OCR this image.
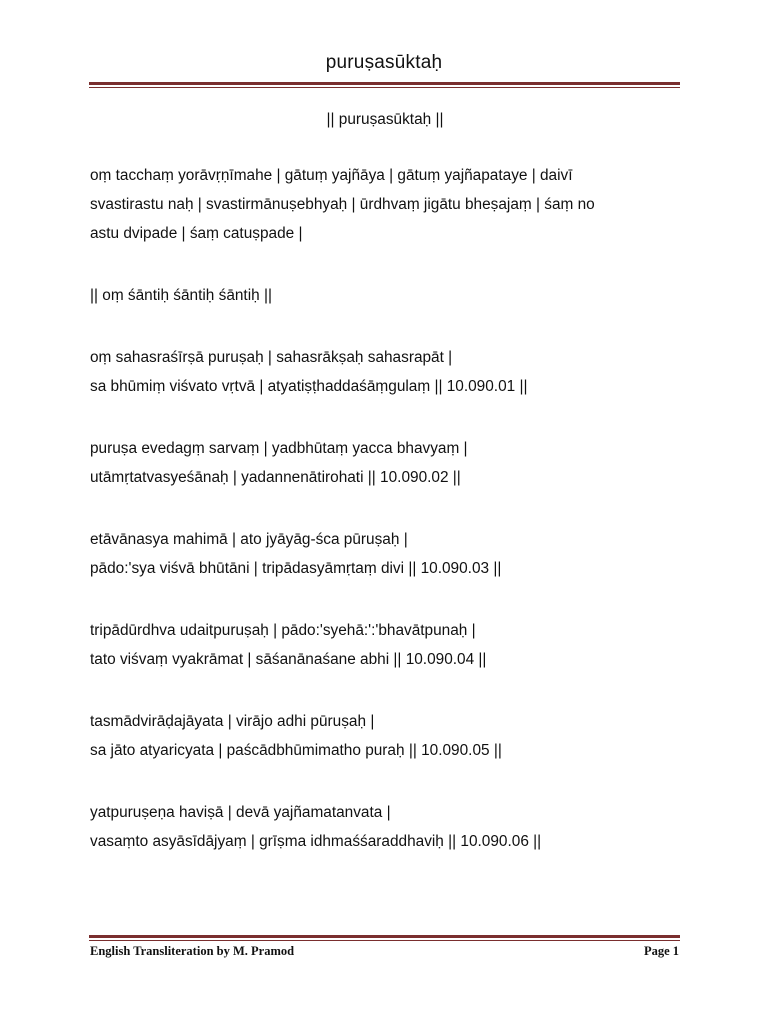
puruṣasūktaḥ
|| puruṣasūktaḥ ||
oṃ tacchaṃ yorāvṛṇīmahe | gātuṃ yajñāya | gātuṃ yajñapataye | daivī
svastirastu naḥ | svastirmānuṣebhyaḥ | ūrdhvaṃ jigātu bheṣajaṃ | śaṃ no
astu dvipade | śaṃ catuṣpade |
|| oṃ śāntiḥ śāntiḥ śāntiḥ ||
oṃ sahasraśīrṣā puruṣaḥ | sahasrākṣaḥ sahasrapāt |
sa bhūmiṃ viśvato vṛtvā | atyatiṣṭhaddaśāṃgulaṃ || 10.090.01 ||
puruṣa evedagṃ sarvaṃ | yadbhūtaṃ yacca bhavyaṃ |
utāmṛtatvasyeśānaḥ | yadannenātirohati || 10.090.02 ||
etāvānasya mahimā | ato jyāyāg-śca pūruṣaḥ |
pādo:'sya viśvā bhūtāni | tripādasyāmṛtaṃ divi || 10.090.03 ||
tripādūrdhva udaitpuruṣaḥ | pādo:'syehā:':'bhavātpunaḥ |
tato viśvaṃ vyakrāmat | sāśanānaśane abhi || 10.090.04 ||
tasmādvirāḍajāyata | virājo adhi pūruṣaḥ |
sa jāto atyaricyata | paścādbhūmimatho puraḥ || 10.090.05 ||
yatpuruṣeṇa haviṣā | devā yajñamatanvata |
vasaṃto asyāsīdājyaṃ | grīṣma idhmaśśaraddhaviḥ || 10.090.06 ||
English Transliteration by M. Pramod	Page 1
